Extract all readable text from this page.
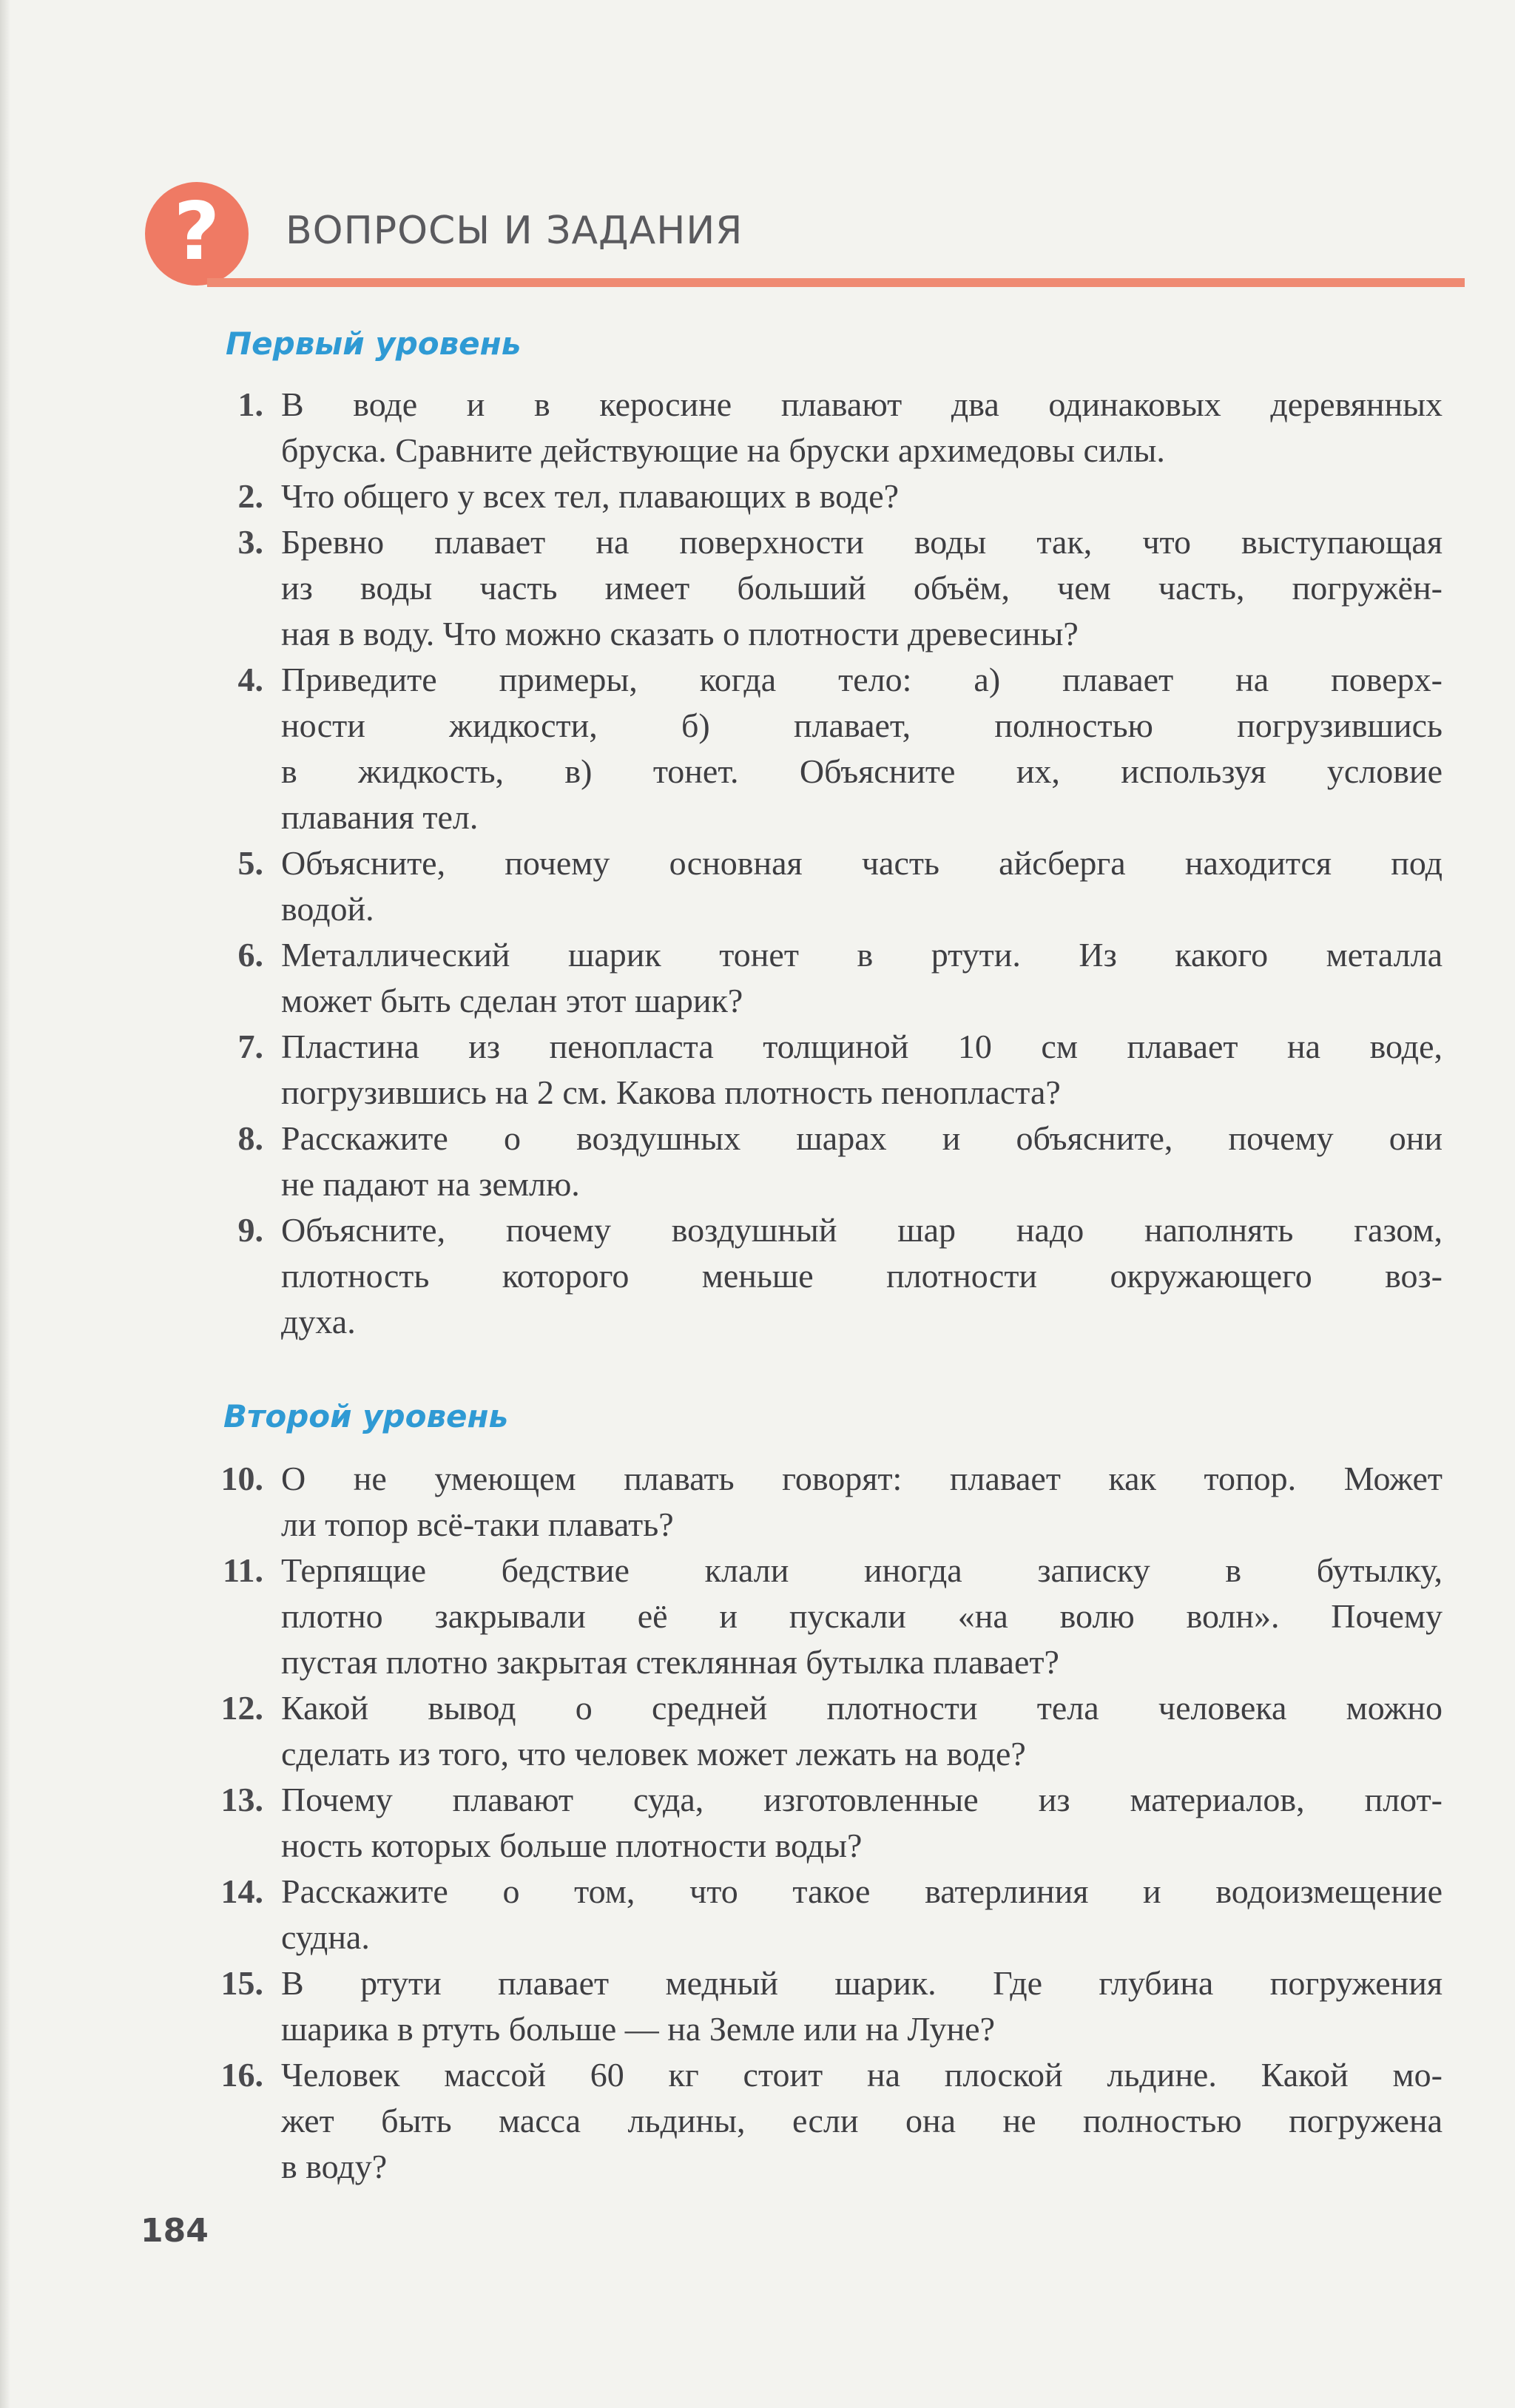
? ВОПРОСЫ И ЗАДАНИЯ
Первый уровень
1. В воде и в керосине плавают два одинаковых деревянных
бруска. Сравните действующие на бруски архимедовы силы.
2. Что общего у всех тел, плавающих в воде?
3. Бревно плавает на поверхности воды так, что выступающая
из воды часть имеет больший объём, чем часть, погружён-
ная в воду. Что можно сказать о плотности древесины?
4. Приведите примеры, когда тело: а) плавает на поверх-
ности жидкости, б) плавает, полностью погрузившись
в жидкость, в) тонет. Объясните их, используя условие
плавания тел.
5. Объясните, почему основная часть айсберга находится под
водой.
6. Металлический шарик тонет в ртути. Из какого металла
может быть сделан этот шарик?
7. Пластина из пенопласта толщиной 10 см плавает на воде,
погрузившись на 2 см. Какова плотность пенопласта?
8. Расскажите о воздушных шарах и объясните, почему они
не падают на землю.
9. Объясните, почему воздушный шар надо наполнять газом,
плотность которого меньше плотности окружающего воз-
духа.
Второй уровень
10. О не умеющем плавать говорят: плавает как топор. Может
ли топор всё-таки плавать?
11. Терпящие бедствие клали иногда записку в бутылку,
плотно закрывали её и пускали «на волю волн». Почему
пустая плотно закрытая стеклянная бутылка плавает?
12. Какой вывод о средней плотности тела человека можно
сделать из того, что человек может лежать на воде?
13. Почему плавают суда, изготовленные из материалов, плот-
ность которых больше плотности воды?
14. Расскажите о том, что такое ватерлиния и водоизмещение
судна.
15. В ртути плавает медный шарик. Где глубина погружения
шарика в ртуть больше — на Земле или на Луне?
16. Человек массой 60 кг стоит на плоской льдине. Какой мо-
жет быть масса льдины, если она не полностью погружена
в воду?
184
